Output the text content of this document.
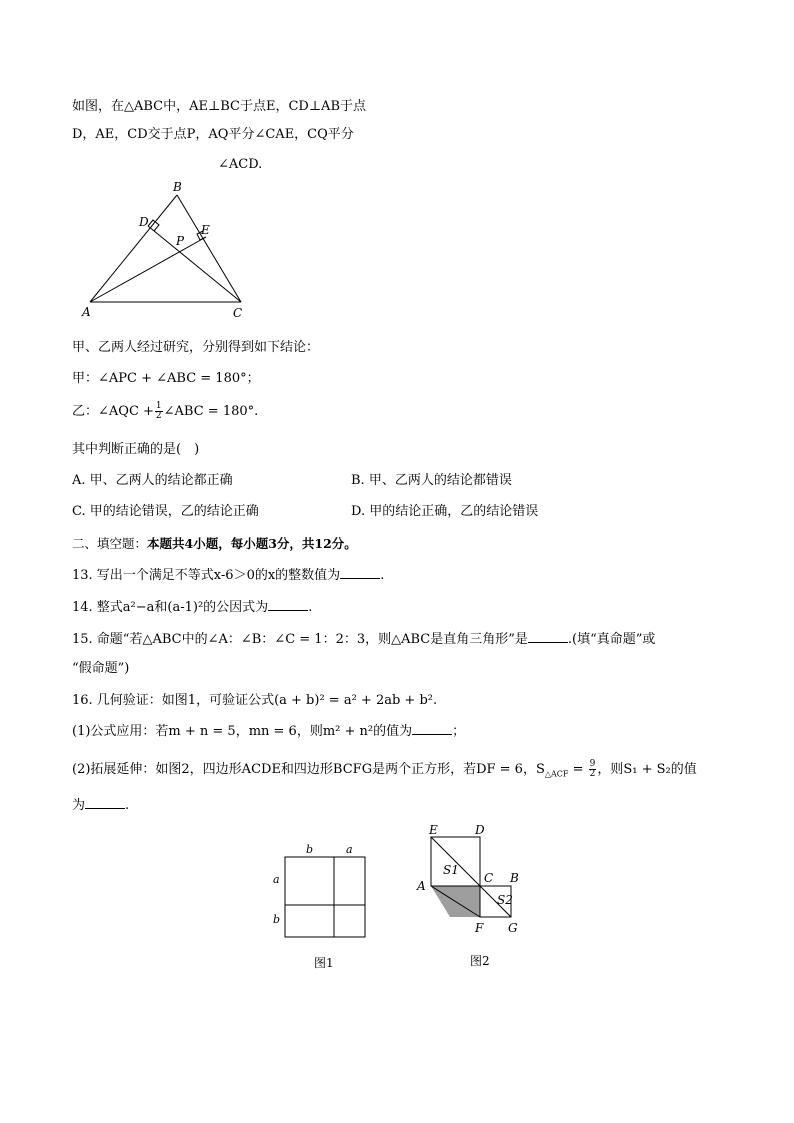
如图，在△ABC中，AE⊥BC于点E，CD⊥AB于点
D，AE，CD交于点P，AQ平分∠CAE，CQ平分
∠ACD.
A
B
C
D
E
P
甲、乙两人经过研究，分别得到如下结论：
甲：∠APC + ∠ABC = 180°；
乙：∠AQC + $\frac{1}{2}$ ∠ABC = 180°.
其中判断正确的是(　)
A. 甲、乙两人的结论都正确	B. 甲、乙两人的结论都错误
C. 甲的结论错误，乙的结论正确	D. 甲的结论正确，乙的结论错误
二、填空题：本题共4小题，每小题3分，共12分。
13. 写出一个满足不等式x-6＞0的x的整数值为	.
14. 整式a²−a和(a-1)²的公因式为	.
15. 命题“若△ABC中的∠A：∠B：∠C = 1：2：3，则△ABC是直角三角形”是	.(填“真命题”或
“假命题”)
16. 几何验证：如图1，可验证公式(a + b)² = a² + 2ab + b².
(1)公式应用：若m + n = 5，mn = 6，则m² + n²的值为	；
(2)拓展延伸：如图2，四边形ACDE和四边形BCFG是两个正方形，若DF = 6，$S_{\triangle ACF} = \frac{9}{2}$ ，则S₁ + S₂的值
为	.
b	a
a
b
图1
E	D
S1
A
C B
S2
F G
图2
